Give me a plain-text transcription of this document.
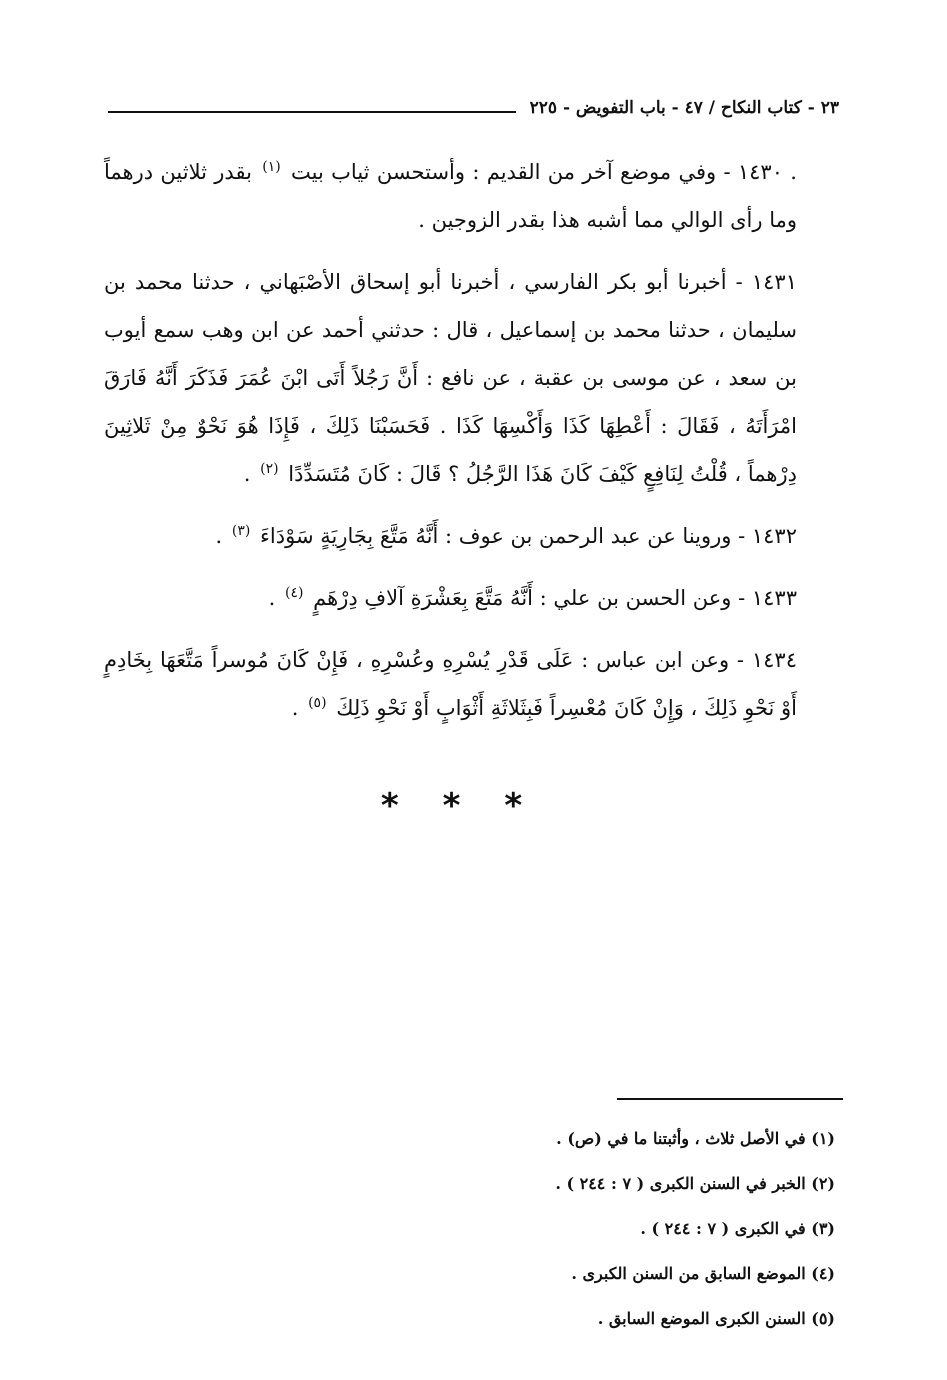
٢٣ - كتاب النكاح / ٤٧ - باب التفويض - ٢٢٥

. ١٤٣٠ - وفي موضع آخر من القديم : وأستحسن ثياب بيت $^{(١)}$ بقدر ثلاثين درهماً وما رأى الوالي مما أشبه هذا بقدر الزوجين .

١٤٣١ - أخبرنا أبو بكر الفارسي ، أخبرنا أبو إسحاق الأصْبَهاني ، حدثنا محمد بن سليمان ، حدثنا محمد بن إسماعيل ، قال : حدثني أحمد عن ابن وهب سمع أيوب بن سعد ، عن موسى بن عقبة ، عن نافع : أَنَّ رَجُلاً أَتَى ابْنَ عُمَرَ فَذَكَرَ أَنَّهُ فَارَقَ امْرَأَتَهُ ، فَقَالَ : أَعْطِهَا كَذَا وَأَكْسِهَا كَذَا . فَحَسَبْنَا ذَلِكَ ، فَإِذَا هُوَ نَحْوٌ مِنْ ثَلاثِينَ دِرْهماً ، قُلْتُ لِنَافِعٍ كَيْفَ كَانَ هَذَا الرَّجُلُ ؟ قَالَ : كَانَ مُتَسَدِّدًا $^{(٢)}$ .

١٤٣٢ - وروينا عن عبد الرحمن بن عوف : أَنَّهُ مَتَّعَ بِجَارِيَةٍ سَوْدَاءَ $^{(٣)}$ .

١٤٣٣ - وعن الحسن بن علي : أَنَّهُ مَتَّعَ بِعَشْرَةِ آلافِ دِرْهَمٍ $^{(٤)}$ .

١٤٣٤ - وعن ابن عباس : عَلَى قَدْرِ يُسْرِهِ وعُسْرِهِ ، فَإِنْ كَانَ مُوسراً مَتَّعَهَا بِخَادِمٍ أَوْ نَحْوِ ذَلِكَ ، وَإِنْ كَانَ مُعْسِراً فَبِثَلاثَةِ أَثْوَابٍ أَوْ نَحْوِ ذَلِكَ $^{(٥)}$ .

***
(١) في الأصل ثلاث ، وأثبتنا ما في (ص) .
(٢) الخبر في السنن الكبرى ( ٧ : ٢٤٤ ) .
(٣) في الكبرى ( ٧ : ٢٤٤ ) .
(٤) الموضع السابق من السنن الكبرى .
(٥) السنن الكبرى الموضع السابق .
